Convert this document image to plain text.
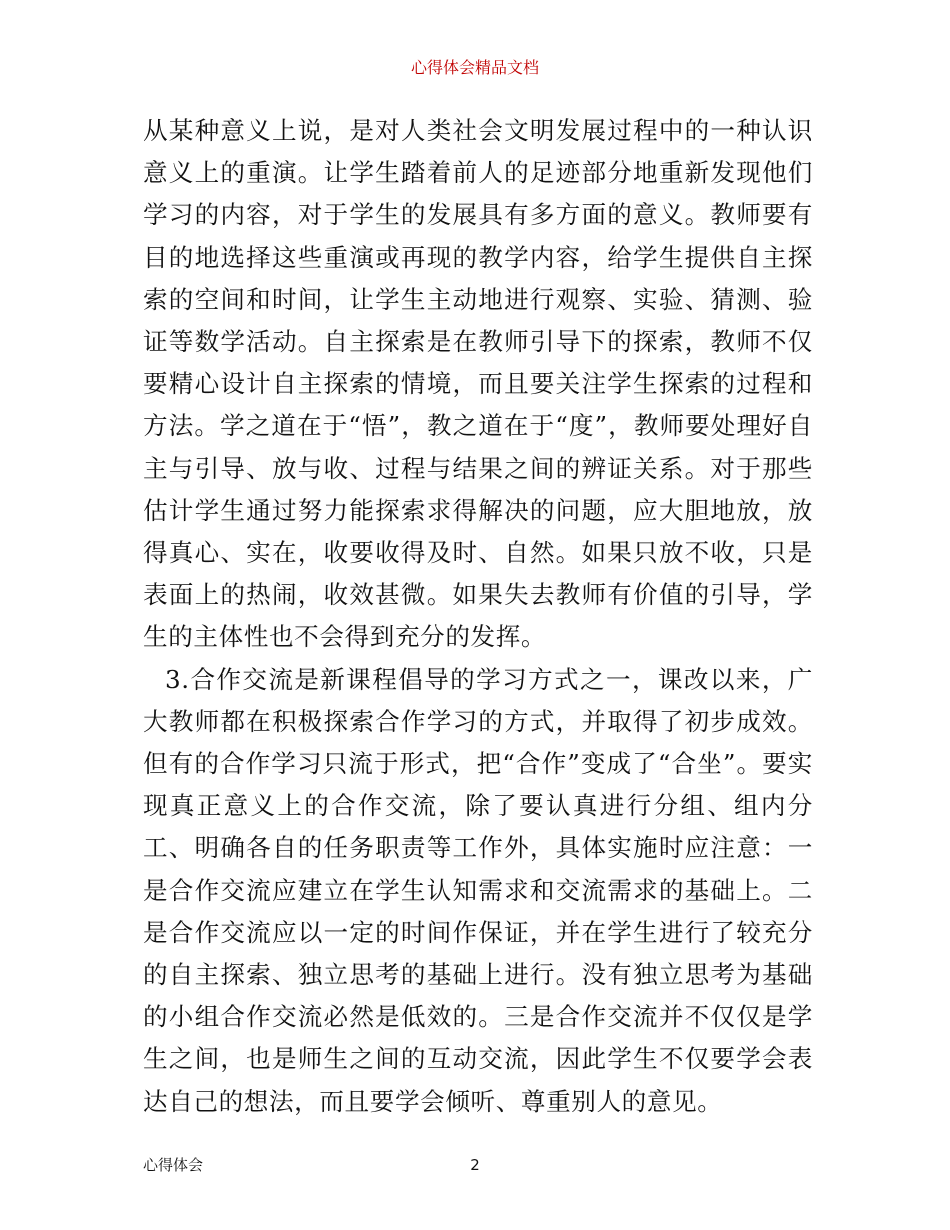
心得体会精品文档

从某种意义上说，是对人类社会文明发展过程中的一种认识意义上的重演。让学生踏着前人的足迹部分地重新发现他们学习的内容，对于学生的发展具有多方面的意义。教师要有目的地选择这些重演或再现的教学内容，给学生提供自主探索的空间和时间，让学生主动地进行观察、实验、猜测、验证等数学活动。自主探索是在教师引导下的探索，教师不仅要精心设计自主探索的情境，而且要关注学生探索的过程和方法。学之道在于“悟”，教之道在于“度”，教师要处理好自主与引导、放与收、过程与结果之间的辨证关系。对于那些估计学生通过努力能探索求得解决的问题，应大胆地放，放得真心、实在，收要收得及时、自然。如果只放不收，只是表面上的热闹，收效甚微。如果失去教师有价值的引导，学生的主体性也不会得到充分的发挥。

3.合作交流是新课程倡导的学习方式之一，课改以来，广大教师都在积极探索合作学习的方式，并取得了初步成效。但有的合作学习只流于形式，把“合作”变成了“合坐”。要实现真正意义上的合作交流，除了要认真进行分组、组内分工、明确各自的任务职责等工作外，具体实施时应注意：一是合作交流应建立在学生认知需求和交流需求的基础上。二是合作交流应以一定的时间作保证，并在学生进行了较充分的自主探索、独立思考的基础上进行。没有独立思考为基础的小组合作交流必然是低效的。三是合作交流并不仅仅是学生之间，也是师生之间的互动交流，因此学生不仅要学会表达自己的想法，而且要学会倾听、尊重别人的意见。

心得体会	2
